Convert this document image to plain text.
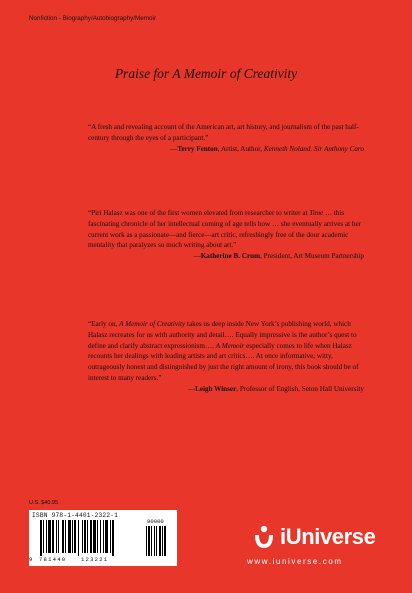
Nonfiction - Biography/Autobiography/Memoir
Praise for A Memoir of Creativity

“A fresh and revealing account of the American art, art history, and journalism of the past half-century through the eyes of a participant.”

—Terry Fenton, Artist, Author, Kenneth Noland. Sir Anthony Caro

“Piri Halasz was one of the first women elevated from researcher to writer at Time … this fascinating chronicle of her intellectual coming of age tells how … she eventually arrives at her current work as a passionate—and fierce—art critic, refreshingly free of the dour academic mentality that paralyzes so much writing about art.”

—Katherine B. Crum, President, Art Museum Partnership

“Early on, A Memoir of Creativity takes us deep inside New York’s publishing world, which Halasz recreates for us with authority and detail…. Equally impressive is the author’s quest to define and clarify abstract expressionism…. A Memoir especially comes to life when Halasz recounts her dealings with leading artists and art critics…. At once informative, witty, outrageously honest and distinguished by just the right amount of irony, this book should be of interest to many readers.”

—Leigh Winser, Professor of English, Seton Hall University

U.S. $40.95
ISBN 978-1-4401-2322-1
9 781440	123221
90000
iUniverse
www.iuniverse.com
